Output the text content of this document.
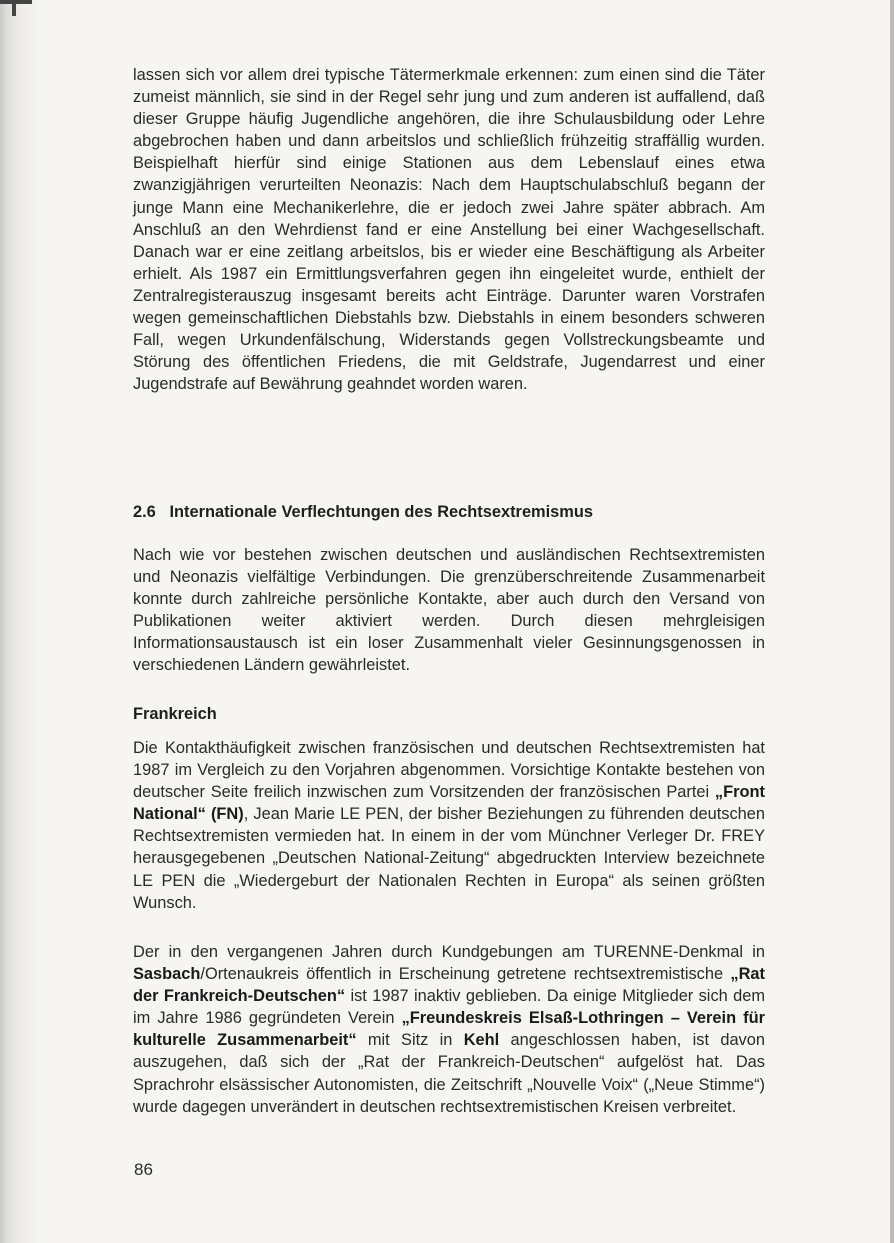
lassen sich vor allem drei typische Tätermerkmale erkennen: zum einen sind die Täter zumeist männlich, sie sind in der Regel sehr jung und zum anderen ist auffallend, daß dieser Gruppe häufig Jugendliche angehören, die ihre Schulausbildung oder Lehre abgebrochen haben und dann arbeitslos und schließlich frühzeitig straffällig wurden. Beispielhaft hierfür sind einige Stationen aus dem Lebenslauf eines etwa zwanzigjährigen verurteilten Neonazis: Nach dem Hauptschulabschluß begann der junge Mann eine Mechanikerlehre, die er jedoch zwei Jahre später abbrach. Am Anschluß an den Wehrdienst fand er eine Anstellung bei einer Wachgesellschaft. Danach war er eine zeitlang arbeitslos, bis er wieder eine Beschäftigung als Arbeiter erhielt. Als 1987 ein Ermittlungsverfahren gegen ihn eingeleitet wurde, enthielt der Zentralregisterauszug insgesamt bereits acht Einträge. Darunter waren Vorstrafen wegen gemeinschaftlichen Diebstahls bzw. Diebstahls in einem besonders schweren Fall, wegen Urkundenfälschung, Widerstands gegen Vollstreckungsbeamte und Störung des öffentlichen Friedens, die mit Geldstrafe, Jugendarrest und einer Jugendstrafe auf Bewährung geahndet worden waren.

2.6   Internationale Verflechtungen des Rechtsextremismus

Nach wie vor bestehen zwischen deutschen und ausländischen Rechtsextremisten und Neonazis vielfältige Verbindungen. Die grenzüberschreitende Zusammenarbeit konnte durch zahlreiche persönliche Kontakte, aber auch durch den Versand von Publikationen weiter aktiviert werden. Durch diesen mehrgleisigen Informationsaustausch ist ein loser Zusammenhalt vieler Gesinnungsgenossen in verschiedenen Ländern gewährleistet.

Frankreich

Die Kontakthäufigkeit zwischen französischen und deutschen Rechtsextremisten hat 1987 im Vergleich zu den Vorjahren abgenommen. Vorsichtige Kontakte bestehen von deutscher Seite freilich inzwischen zum Vorsitzenden der französischen Partei „Front National“ (FN), Jean Marie LE PEN, der bisher Beziehungen zu führenden deutschen Rechtsextremisten vermieden hat. In einem in der vom Münchner Verleger Dr. FREY herausgegebenen „Deutschen National-Zeitung“ abgedruckten Interview bezeichnete LE PEN die „Wiedergeburt der Nationalen Rechten in Europa“ als seinen größten Wunsch.

Der in den vergangenen Jahren durch Kundgebungen am TURENNE-Denkmal in Sasbach/Ortenaukreis öffentlich in Erscheinung getretene rechtsextremistische „Rat der Frankreich-Deutschen“ ist 1987 inaktiv geblieben. Da einige Mitglieder sich dem im Jahre 1986 gegründeten Verein „Freundeskreis Elsaß-Lothringen – Verein für kulturelle Zusammenarbeit“ mit Sitz in Kehl angeschlossen haben, ist davon auszugehen, daß sich der „Rat der Frankreich-Deutschen“ aufgelöst hat. Das Sprachrohr elsässischer Autonomisten, die Zeitschrift „Nouvelle Voix“ („Neue Stimme“) wurde dagegen unverändert in deutschen rechtsextremistischen Kreisen verbreitet.

86
